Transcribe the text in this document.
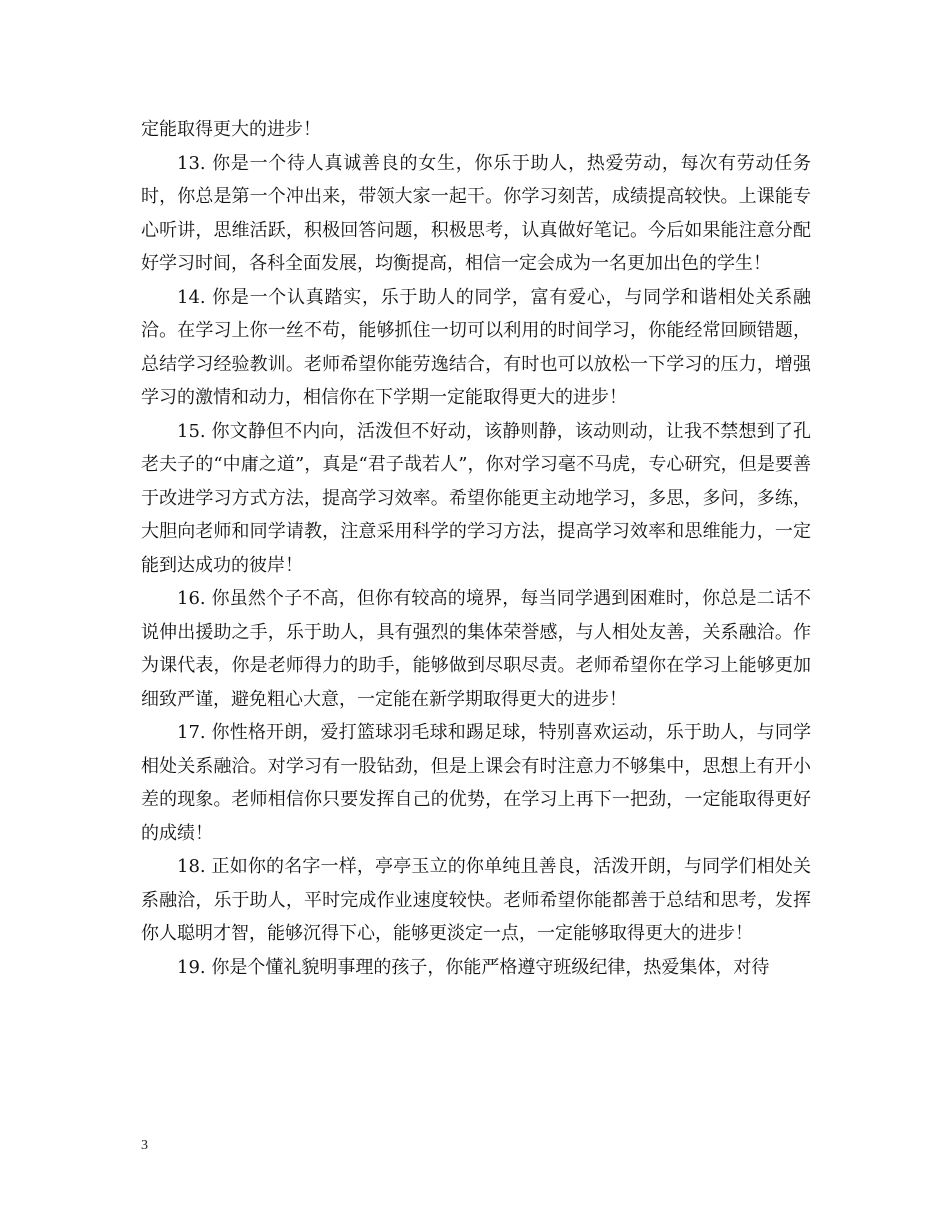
定能取得更大的进步！

13. 你是一个待人真诚善良的女生，你乐于助人，热爱劳动，每次有劳动任务时，你总是第一个冲出来，带领大家一起干。你学习刻苦，成绩提高较快。上课能专心听讲，思维活跃，积极回答问题，积极思考，认真做好笔记。今后如果能注意分配好学习时间，各科全面发展，均衡提高，相信一定会成为一名更加出色的学生！

14. 你是一个认真踏实，乐于助人的同学，富有爱心，与同学和谐相处关系融洽。在学习上你一丝不苟，能够抓住一切可以利用的时间学习，你能经常回顾错题，总结学习经验教训。老师希望你能劳逸结合，有时也可以放松一下学习的压力，增强学习的激情和动力，相信你在下学期一定能取得更大的进步！

15. 你文静但不内向，活泼但不好动，该静则静，该动则动，让我不禁想到了孔老夫子的“中庸之道”，真是“君子哉若人”，你对学习毫不马虎，专心研究，但是要善于改进学习方式方法，提高学习效率。希望你能更主动地学习，多思，多问，多练，大胆向老师和同学请教，注意采用科学的学习方法，提高学习效率和思维能力，一定能到达成功的彼岸！

16. 你虽然个子不高，但你有较高的境界，每当同学遇到困难时，你总是二话不说伸出援助之手，乐于助人，具有强烈的集体荣誉感，与人相处友善，关系融洽。作为课代表，你是老师得力的助手，能够做到尽职尽责。老师希望你在学习上能够更加细致严谨，避免粗心大意，一定能在新学期取得更大的进步！

17. 你性格开朗，爱打篮球羽毛球和踢足球，特别喜欢运动，乐于助人，与同学相处关系融洽。对学习有一股钻劲，但是上课会有时注意力不够集中，思想上有开小差的现象。老师相信你只要发挥自己的优势，在学习上再下一把劲，一定能取得更好的成绩！

18. 正如你的名字一样，亭亭玉立的你单纯且善良，活泼开朗，与同学们相处关系融洽，乐于助人，平时完成作业速度较快。老师希望你能都善于总结和思考，发挥你人聪明才智，能够沉得下心，能够更淡定一点，一定能够取得更大的进步！

19. 你是个懂礼貌明事理的孩子，你能严格遵守班级纪律，热爱集体，对待

3
